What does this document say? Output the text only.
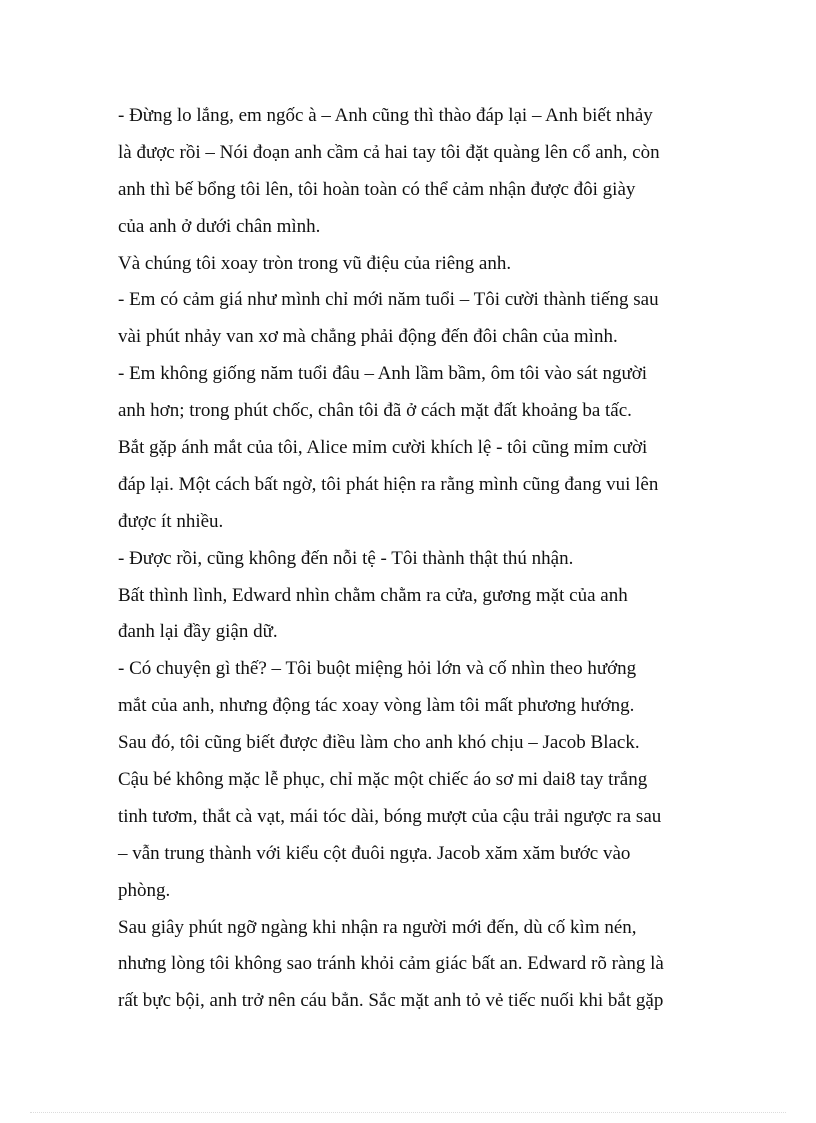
- Đừng lo lắng, em ngốc à – Anh cũng thì thào đáp lại – Anh biết nhảy
là được rồi – Nói đoạn anh cầm cả hai tay tôi đặt quàng lên cổ anh, còn
anh thì bế bổng tôi lên, tôi hoàn toàn có thể cảm nhận được đôi giày
của anh ở dưới chân mình.
Và chúng tôi xoay tròn trong vũ điệu của riêng anh.
- Em có cảm giá như mình chỉ mới năm tuổi – Tôi cười thành tiếng sau
vài phút nhảy van xơ mà chẳng phải động đến đôi chân của mình.
- Em không giống năm tuổi đâu – Anh lầm bầm, ôm tôi vào sát người
anh hơn; trong phút chốc, chân tôi đã ở cách mặt đất khoảng ba tấc.
Bắt gặp ánh mắt của tôi, Alice mỉm cười khích lệ - tôi cũng mỉm cười
đáp lại. Một cách bất ngờ, tôi phát hiện ra rằng mình cũng đang vui lên
được ít nhiều.
- Được rồi, cũng không đến nỗi tệ - Tôi thành thật thú nhận.
Bất thình lình, Edward nhìn chằm chằm ra cửa, gương mặt của anh
đanh lại đầy giận dữ.
- Có chuyện gì thế? – Tôi buột miệng hỏi lớn và cố nhìn theo hướng
mắt của anh, nhưng động tác xoay vòng làm tôi mất phương hướng.
Sau đó, tôi cũng biết được điều làm cho anh khó chịu – Jacob Black.
Cậu bé không mặc lễ phục, chỉ mặc một chiếc áo sơ mi dai8 tay trắng
tinh tươm, thắt cà vạt, mái tóc dài, bóng mượt của cậu trải ngược ra sau
– vẫn trung thành với kiểu cột đuôi ngựa. Jacob xăm xăm bước vào
phòng.
Sau giây phút ngỡ ngàng khi nhận ra người mới đến, dù cố kìm nén,
nhưng lòng tôi không sao tránh khỏi cảm giác bất an. Edward rõ ràng là
rất bực bội, anh trở nên cáu bẳn. Sắc mặt anh tỏ vẻ tiếc nuối khi bắt gặp
